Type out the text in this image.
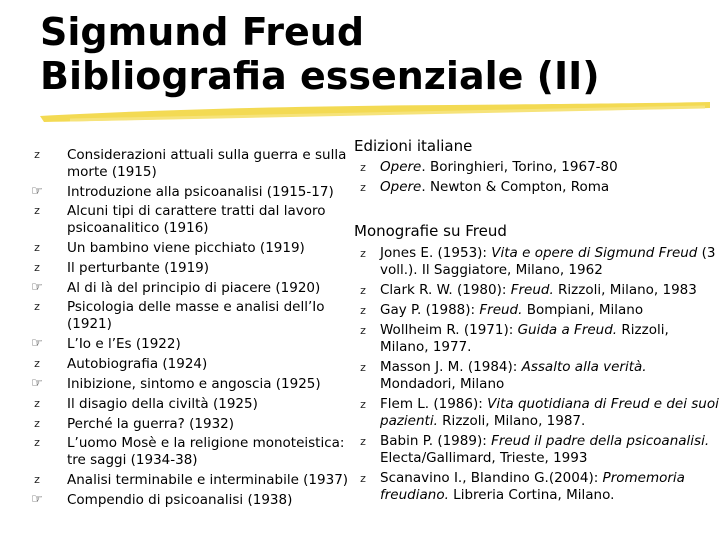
Sigmund Freud
Bibliografia essenziale (II)
z	Considerazioni attuali sulla guerra e sulla morte (1915)
☞ Introduzione alla psicoanalisi (1915-17)
z	Alcuni tipi di carattere tratti dal lavoro psicoanalitico (1916)
z	Un bambino viene picchiato (1919)
z	Il perturbante (1919)
☞ Al di là del principio di piacere (1920)
z	Psicologia delle masse e analisi dell’Io (1921)
☞ L’Io e l’Es (1922)
z	Autobiografia (1924)
☞ Inibizione, sintomo e angoscia (1925)
z	Il disagio della civiltà (1925)
z	Perché la guerra? (1932)
z	L’uomo Mosè e la religione monoteistica: tre saggi (1934-38)
z	Analisi terminabile e interminabile (1937)
☞ Compendio di psicoanalisi (1938)
Edizioni italiane
z	Opere. Boringhieri, Torino, 1967-80
z	Opere. Newton & Compton, Roma
Monografie su Freud
z	Jones E. (1953): Vita e opere di Sigmund Freud (3 voll.). Il Saggiatore, Milano, 1962
z	Clark R. W. (1980): Freud. Rizzoli, Milano, 1983
z	Gay P. (1988): Freud. Bompiani, Milano
z	Wollheim R. (1971): Guida a Freud. Rizzoli, Milano, 1977.
z	Masson J. M. (1984): Assalto alla verità. Mondadori, Milano
z	Flem L. (1986): Vita quotidiana di Freud e dei suoi pazienti. Rizzoli, Milano, 1987.
z	Babin P. (1989): Freud il padre della psicoanalisi. Electa/Gallimard, Trieste, 1993
z	Scanavino I., Blandino G.(2004): Promemoria freudiano. Libreria Cortina, Milano.
